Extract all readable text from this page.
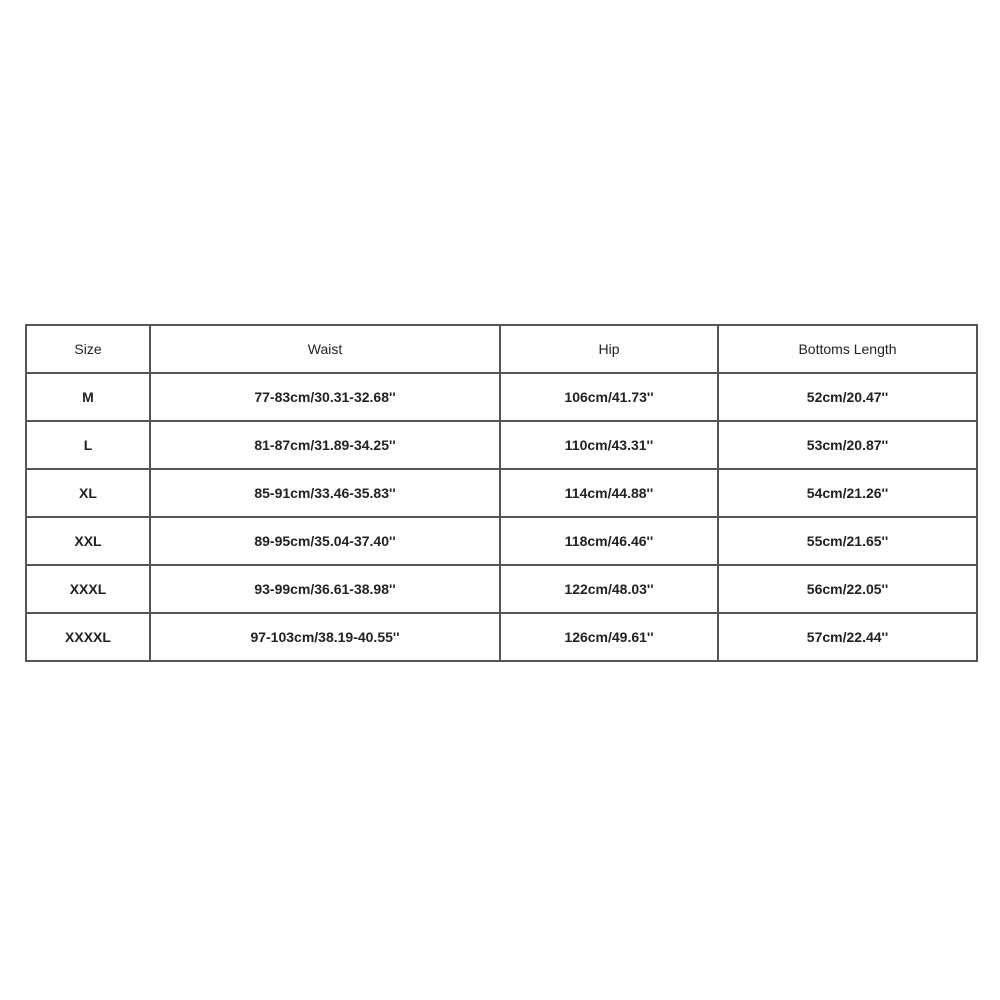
Size	Waist	Hip	Bottoms Length
M	77-83cm/30.31-32.68''	106cm/41.73''	52cm/20.47''
L	81-87cm/31.89-34.25''	110cm/43.31''	53cm/20.87''
XL	85-91cm/33.46-35.83''	114cm/44.88''	54cm/21.26''
XXL	89-95cm/35.04-37.40''	118cm/46.46''	55cm/21.65''
XXXL	93-99cm/36.61-38.98''	122cm/48.03''	56cm/22.05''
XXXXL	97-103cm/38.19-40.55''	126cm/49.61''	57cm/22.44''
